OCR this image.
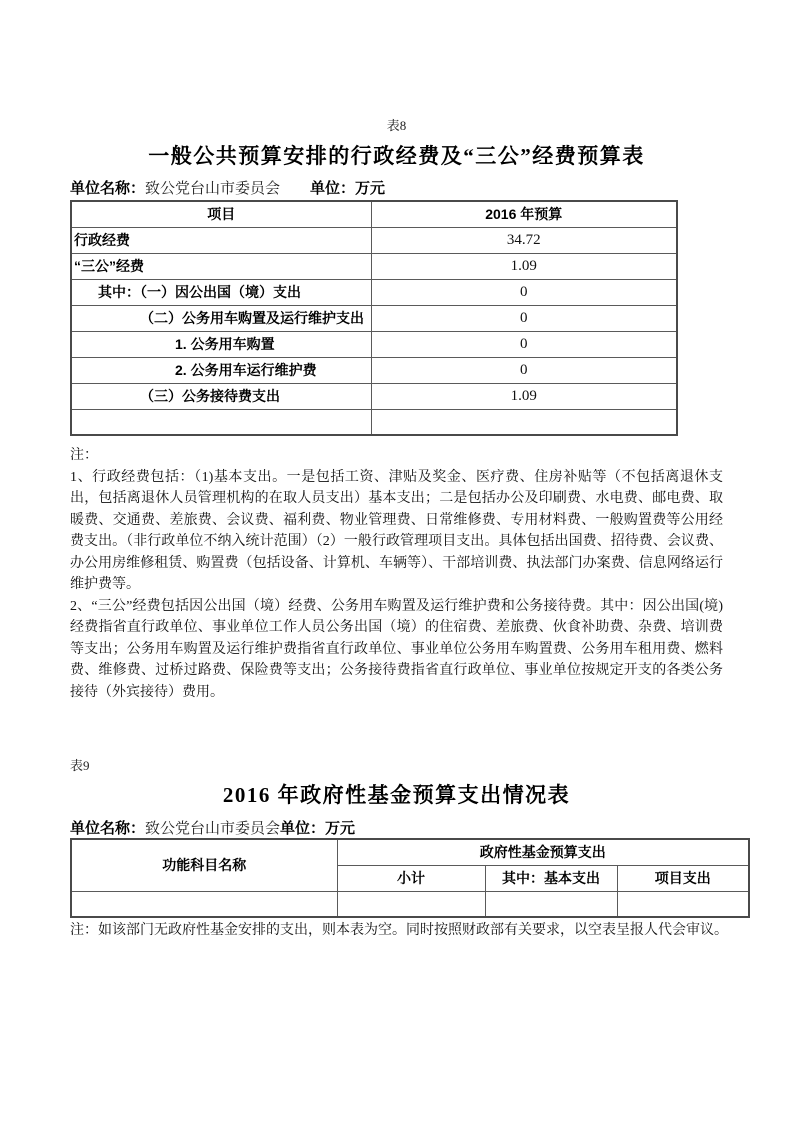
表8
一般公共预算安排的行政经费及“三公”经费预算表
单位名称：致公党台山市委员会 单位：万元
项目	2016 年预算
行政经费	34.72
“三公”经费	1.09
其中：（一）因公出国（境）支出	0
（二）公务用车购置及运行维护支出	0
1. 公务用车购置	0
2. 公务用车运行维护费	0
（三）公务接待费支出	1.09

注：

1、行政经费包括：（1)基本支出。一是包括工资、津贴及奖金、医疗费、住房补贴等（不包括离退休支出，包括离退休人员管理机构的在取人员支出）基本支出；二是包括办公及印刷费、水电费、邮电费、取暖费、交通费、差旅费、会议费、福利费、物业管理费、日常维修费、专用材料费、一般购置费等公用经费支出。（非行政单位不纳入统计范围）（2）一般行政管理项目支出。具体包括出国费、招待费、会议费、办公用房维修租赁、购置费（包括设备、计算机、车辆等）、干部培训费、执法部门办案费、信息网络运行维护费等。

2、“三公”经费包括因公出国（境）经费、公务用车购置及运行维护费和公务接待费。其中：因公出国(境)经费指省直行政单位、事业单位工作人员公务出国（境）的住宿费、差旅费、伙食补助费、杂费、培训费等支出；公务用车购置及运行维护费指省直行政单位、事业单位公务用车购置费、公务用车租用费、燃料费、维修费、过桥过路费、保险费等支出；公务接待费指省直行政单位、事业单位按规定开支的各类公务接待（外宾接待）费用。

表9
2016 年政府性基金预算支出情况表
单位名称：致公党台山市委员会单位：万元
功能科目名称	政府性基金预算支出		
	小计	其中：基本支出	项目支出

注：如该部门无政府性基金安排的支出，则本表为空。同时按照财政部有关要求，以空表呈报人代会审议。
